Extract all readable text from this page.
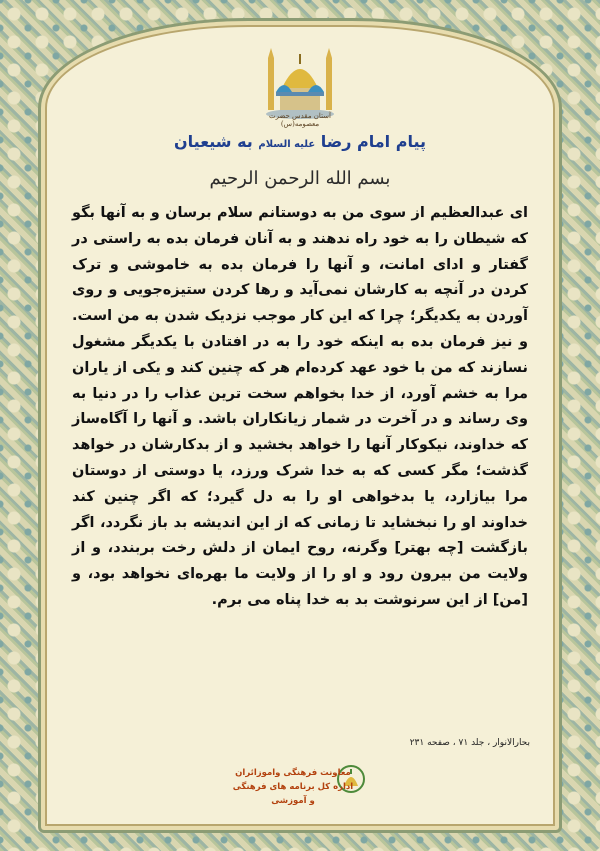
آستان مقدس حضرت معصومه(س)
پیام امام رضا علیه السلام به شیعیان
بسم الله الرحمن الرحیم
ای عبدالعظیم از سوی من به دوستانم سلام برسان و به آنها بگو که شیطان را به خود راه ندهند و به آنان فرمان بده به راستی در گفتار و ادای امانت، و آنها را فرمان بده به خاموشی و ترک کردن در آنچه به کارشان نمی‌آید و رها کردن ستیزه‌جویی و روی آوردن به یکدیگر؛ چرا که این کار موجب نزدیک شدن به من است. و نیز فرمان بده به اینکه خود را به در افتادن با یکدیگر مشغول نسازند که من با خود عهد کرده‌ام هر که چنین کند و یکی از یاران مرا به خشم آورد، از خدا بخواهم سخت ترین عذاب را در دنیا به وی رساند و در آخرت در شمار زیانکاران باشد. و آنها را آگاه‌ساز که خداوند، نیکوکار آنها را خواهد بخشید و از بدکارشان در خواهد گذشت؛ مگر کسی که به خدا شرک ورزد، یا دوستی از دوستان مرا بیازارد، یا بدخواهی او را به دل گیرد؛ که اگر چنین کند خداوند او را نبخشاید تا زمانی که از این اندیشه بد باز نگردد، اگر بازگشت [چه بهتر] وگرنه، روح ایمان از دلش رخت بربندد، و از ولایت من بیرون رود و او را از ولایت ما بهره‌ای نخواهد بود، و [من] از این سرنوشت بد به خدا پناه می برم.
بحارالانوار ، جلد ۷۱ ، صفحه ۲۳۱
معاونت فرهنگی واموزائران
اداره کل برنامه های فرهنگی و آموزشی
